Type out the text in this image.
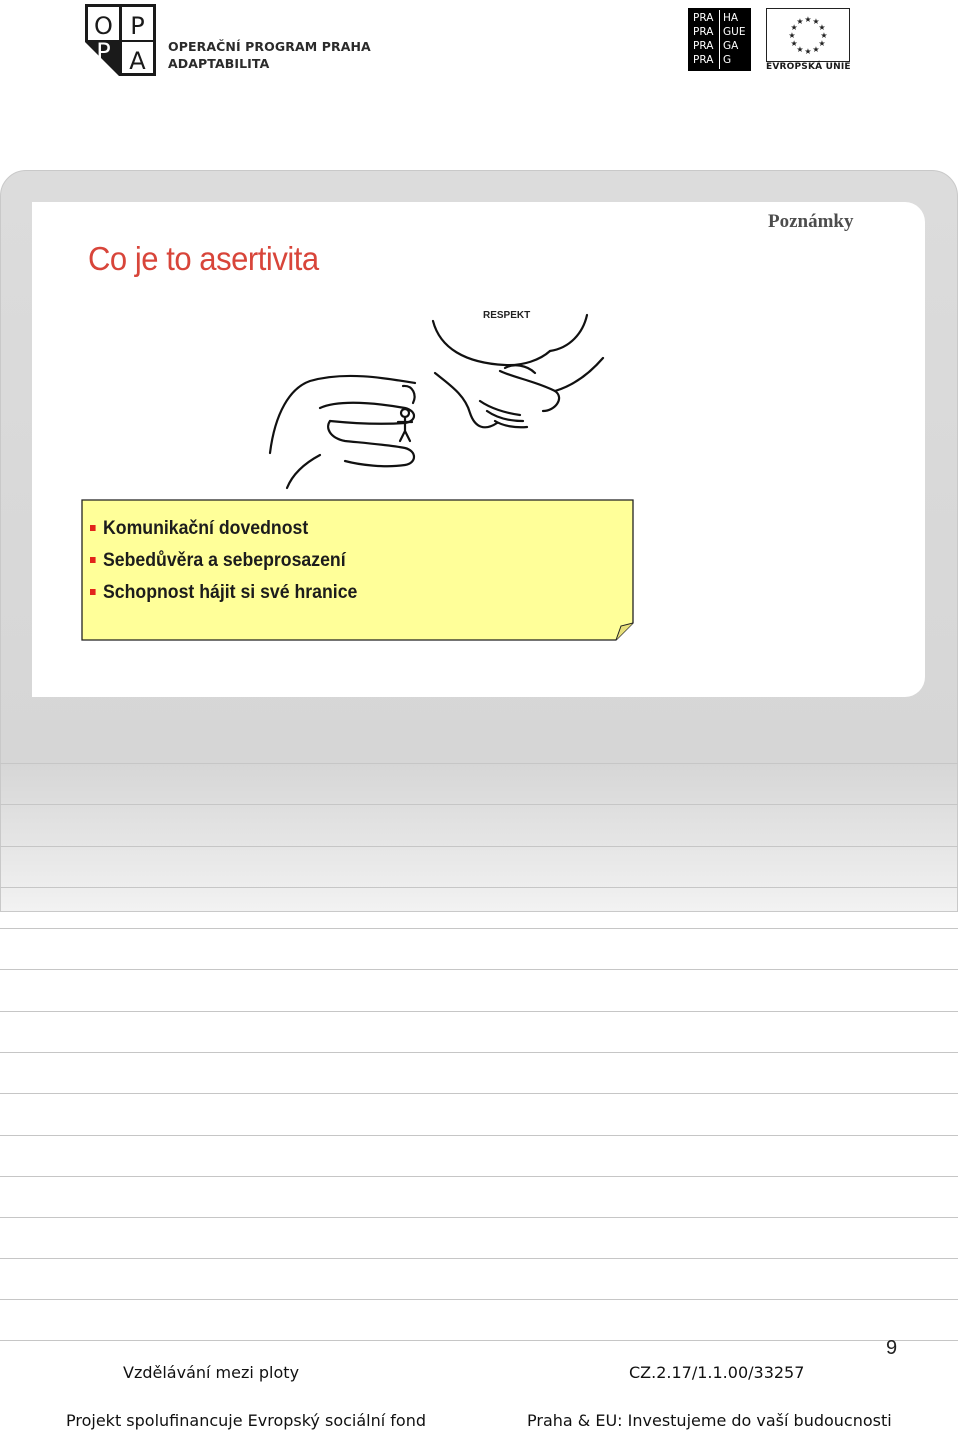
O P
P A
OPERAČNÍ PROGRAM PRAHA
ADAPTABILITA
PRA HA
PRA GUE
PRA GA
PRA G
★ ★
★
★
★
★
★
★
★
★
★
★
EVROPSKÁ UNIE
Poznámky
Co je to asertivita
RESPEKT
Komunikační dovednost
Sebedůvěra a sebeprosazení
Schopnost hájit si své hranice
9
Vzdělávání mezi ploty	CZ.2.17/1.1.00/33257
Projekt spolufinancuje Evropský sociální fond	Praha & EU: Investujeme do vaší budoucnosti
